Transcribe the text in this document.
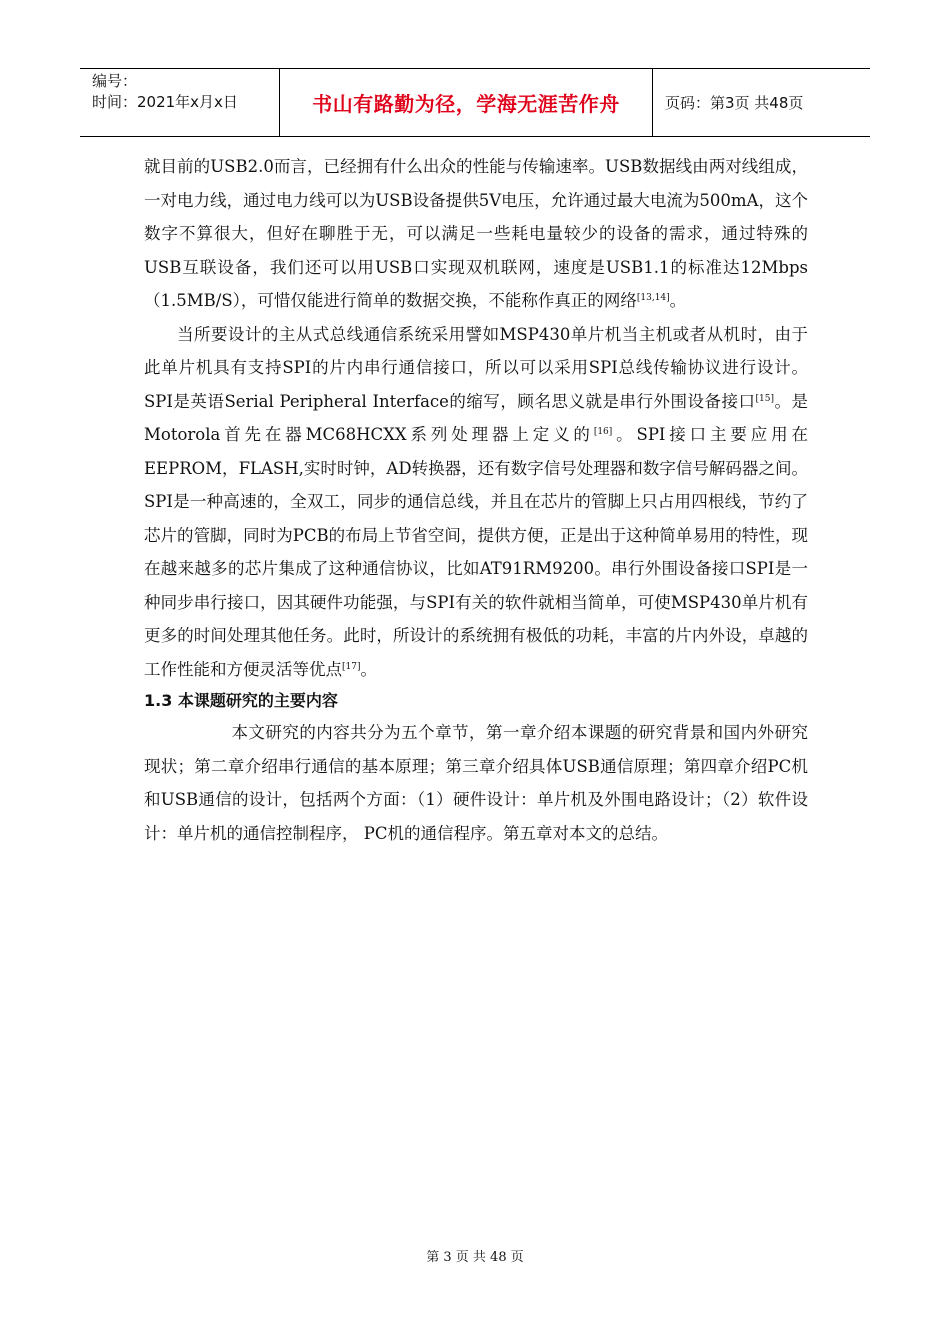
编号：
时间：2021年x月x日	书山有路勤为径，学海无涯苦作舟	页码：第3页 共48页

就目前的USB2.0而言，已经拥有什么出众的性能与传输速率。USB数据线由两对线组成，一对电力线，通过电力线可以为USB设备提供5V电压，允许通过最大电流为500mA，这个数字不算很大，但好在聊胜于无，可以满足一些耗电量较少的设备的需求，通过特殊的USB互联设备，我们还可以用USB口实现双机联网，速度是USB1.1的标准达12Mbps（1.5MB/S），可惜仅能进行简单的数据交换，不能称作真正的网络[13,14]。

当所要设计的主从式总线通信系统采用譬如MSP430单片机当主机或者从机时，由于此单片机具有支持SPI的片内串行通信接口，所以可以采用SPI总线传输协议进行设计。SPI是英语Serial Peripheral Interface的缩写，顾名思义就是串行外围设备接口[15]。是Motorola首先在器MC68HCXX系列处理器上定义的[16]。SPI接口主要应用在EEPROM，FLASH,实时时钟，AD转换器，还有数字信号处理器和数字信号解码器之间。SPI是一种高速的，全双工，同步的通信总线，并且在芯片的管脚上只占用四根线，节约了芯片的管脚，同时为PCB的布局上节省空间，提供方便，正是出于这种简单易用的特性，现在越来越多的芯片集成了这种通信协议，比如AT91RM9200。串行外围设备接口SPI是一种同步串行接口，因其硬件功能强，与SPI有关的软件就相当简单，可使MSP430单片机有更多的时间处理其他任务。此时，所设计的系统拥有极低的功耗，丰富的片内外设，卓越的工作性能和方便灵活等优点[17]。

1.3 本课题研究的主要内容

本文研究的内容共分为五个章节，第一章介绍本课题的研究背景和国内外研究现状；第二章介绍串行通信的基本原理；第三章介绍具体USB通信原理；第四章介绍PC机和USB通信的设计，包括两个方面：（1）硬件设计：单片机及外围电路设计；（2）软件设计：单片机的通信控制程序， PC机的通信程序。第五章对本文的总结。

第 3 页 共 48 页
